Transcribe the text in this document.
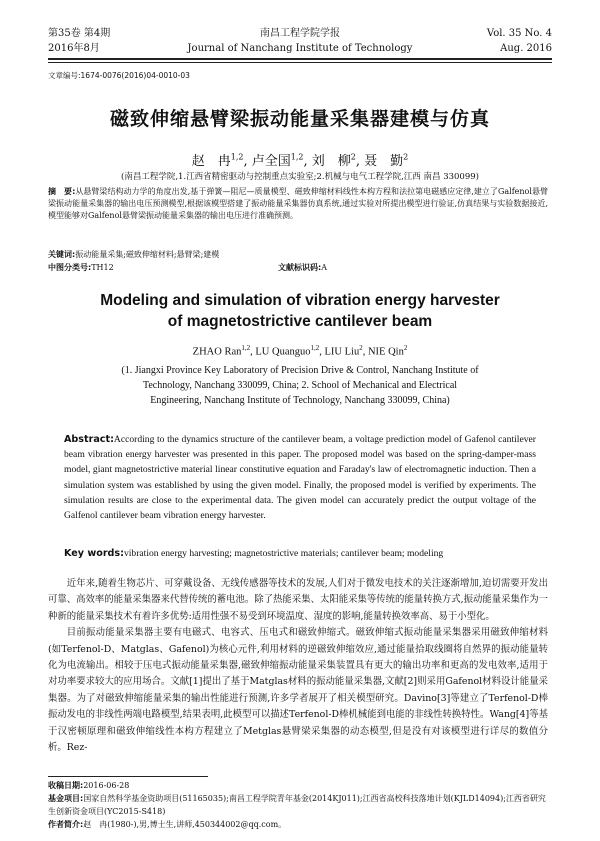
第35卷 第4期
2016年8月
南昌工程学院学报
Journal of Nanchang Institute of Technology
Vol. 35 No. 4
Aug. 2016
文章编号:1674-0076(2016)04-0010-03
磁致伸缩悬臂梁振动能量采集器建模与仿真
赵　冉$^{1,2}$, 卢全国$^{1,2}$, 刘　柳$^2$, 聂　勤$^2$
(南昌工程学院,1.江西省精密驱动与控制重点实验室;2.机械与电气工程学院,江西 南昌 330099)
摘　要:从悬臂梁结构动力学的角度出发,基于弹簧—阻尼—质量模型、磁致伸缩材料线性本构方程和法拉第电磁感应定律,建立了Galfenol悬臂梁振动能量采集器的输出电压预测模型,根据该模型搭建了振动能量采集器仿真系统,通过实验对所提出模型进行验证,仿真结果与实验数据接近,模型能够对Galfenol悬臂梁振动能量采集器的输出电压进行准确预测。
关键词:振动能量采集;磁致伸缩材料;悬臂梁;建模
中图分类号:TH12	文献标识码:A
Modeling and simulation of vibration energy harvester
of magnetostrictive cantilever beam
ZHAO Ran$^{1,2}$, LU Quanguo$^{1,2}$, LIU Liu$^2$, NIE Qin$^2$
(1. Jiangxi Province Key Laboratory of Precision Drive & Control, Nanchang Institute of
Technology, Nanchang 330099, China; 2. School of Mechanical and Electrical
Engineering, Nanchang Institute of Technology, Nanchang 330099, China)
Abstract:According to the dynamics structure of the cantilever beam, a voltage prediction model of Gafenol cantilever beam vibration energy harvester was presented in this paper. The proposed model was based on the spring-damper-mass model, giant magnetostrictive material linear constitutive equation and Faraday's law of electromagnetic induction. Then a simulation system was established by using the given model. Finally, the proposed model is verified by experiments. The simulation results are close to the experimental data. The given model can accurately predict the output voltage of the Galfenol cantilever beam vibration energy harvester.
Key words:vibration energy harvesting; magnetostrictive materials; cantilever beam; modeling

近年来,随着生物芯片、可穿戴设备、无线传感器等技术的发展,人们对于微发电技术的关注逐渐增加,迫切需要开发出可靠、高效率的能量采集器来代替传统的蓄电池。除了热能采集、太阳能采集等传统的能量转换方式,振动能量采集作为一种新的能量采集技术有着许多优势:适用性强不易受到环境温度、湿度的影响,能量转换效率高、易于小型化。

目前振动能量采集器主要有电磁式、电容式、压电式和磁致伸缩式。磁致伸缩式振动能量采集器采用磁致伸缩材料(如Terfenol-D、Matglas、Gafenol)为核心元件,利用材料的逆磁致伸缩效应,通过能量拾取线圈将自然界的振动能量转化为电流输出。相较于压电式振动能量采集器,磁致伸缩振动能量采集装置具有更大的输出功率和更高的发电效率,适用于对功率要求较大的应用场合。文献[1]提出了基于Matglas材料的振动能量采集器,文献[2]则采用Gafenol材料设计能量采集器。为了对磁致伸缩能量采集的输出性能进行预测,许多学者展开了相关模型研究。Davino[3]等建立了Terfenol-D棒振动发电的非线性两端电路模型,结果表明,此模型可以描述Terfenol-D棒机械能到电能的非线性转换特性。Wang[4]等基于汉密顿原理和磁致伸缩线性本构方程建立了Metglas悬臂梁采集器的动态模型,但是没有对该模型进行详尽的数值分析。Rez-

收稿日期:2016-06-28
基金项目:国家自然科学基金资助项目(51165035);南昌工程学院青年基金(2014KJ011);江西省高校科技落地计划(KJLD14094);江西省研究生创新资金项目(YC2015-S418)
作者简介:赵　冉(1980-),男,博士生,讲师,450344002@qq.com。
